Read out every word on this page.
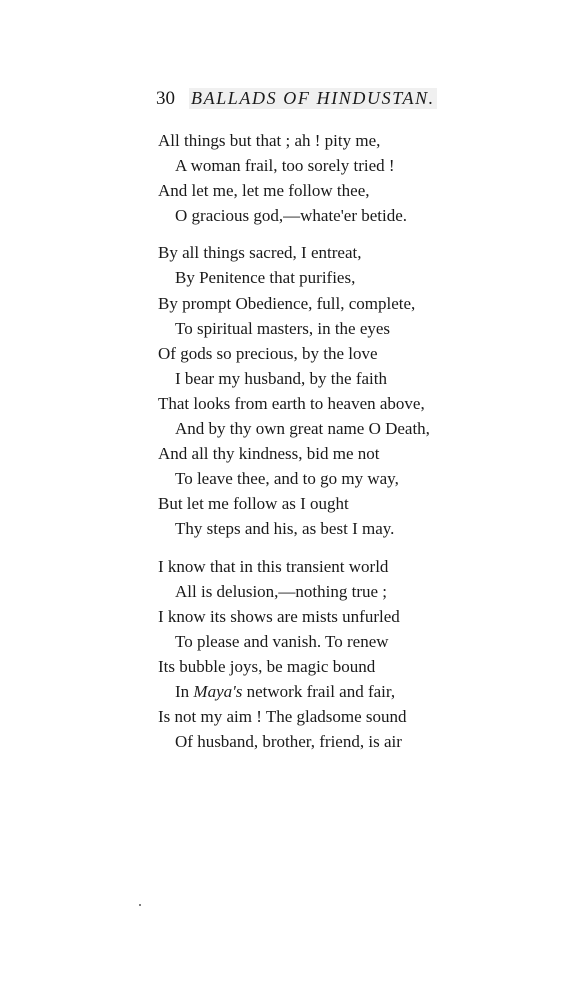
30 BALLADS OF HINDUSTAN.

All things but that ; ah ! pity me,
A woman frail, too sorely tried !
And let me, let me follow thee,
O gracious god,—whate'er betide.

By all things sacred, I entreat,
By Penitence that purifies,
By prompt Obedience, full, complete,
To spiritual masters, in the eyes
Of gods so precious, by the love
I bear my husband, by the faith
That looks from earth to heaven above,
And by thy own great name O Death,
And all thy kindness, bid me not
To leave thee, and to go my way,
But let me follow as I ought
Thy steps and his, as best I may.

I know that in this transient world
All is delusion,—nothing true ;
I know its shows are mists unfurled
To please and vanish. To renew
Its bubble joys, be magic bound
In Maya's network frail and fair,
Is not my aim ! The gladsome sound
Of husband, brother, friend, is air
